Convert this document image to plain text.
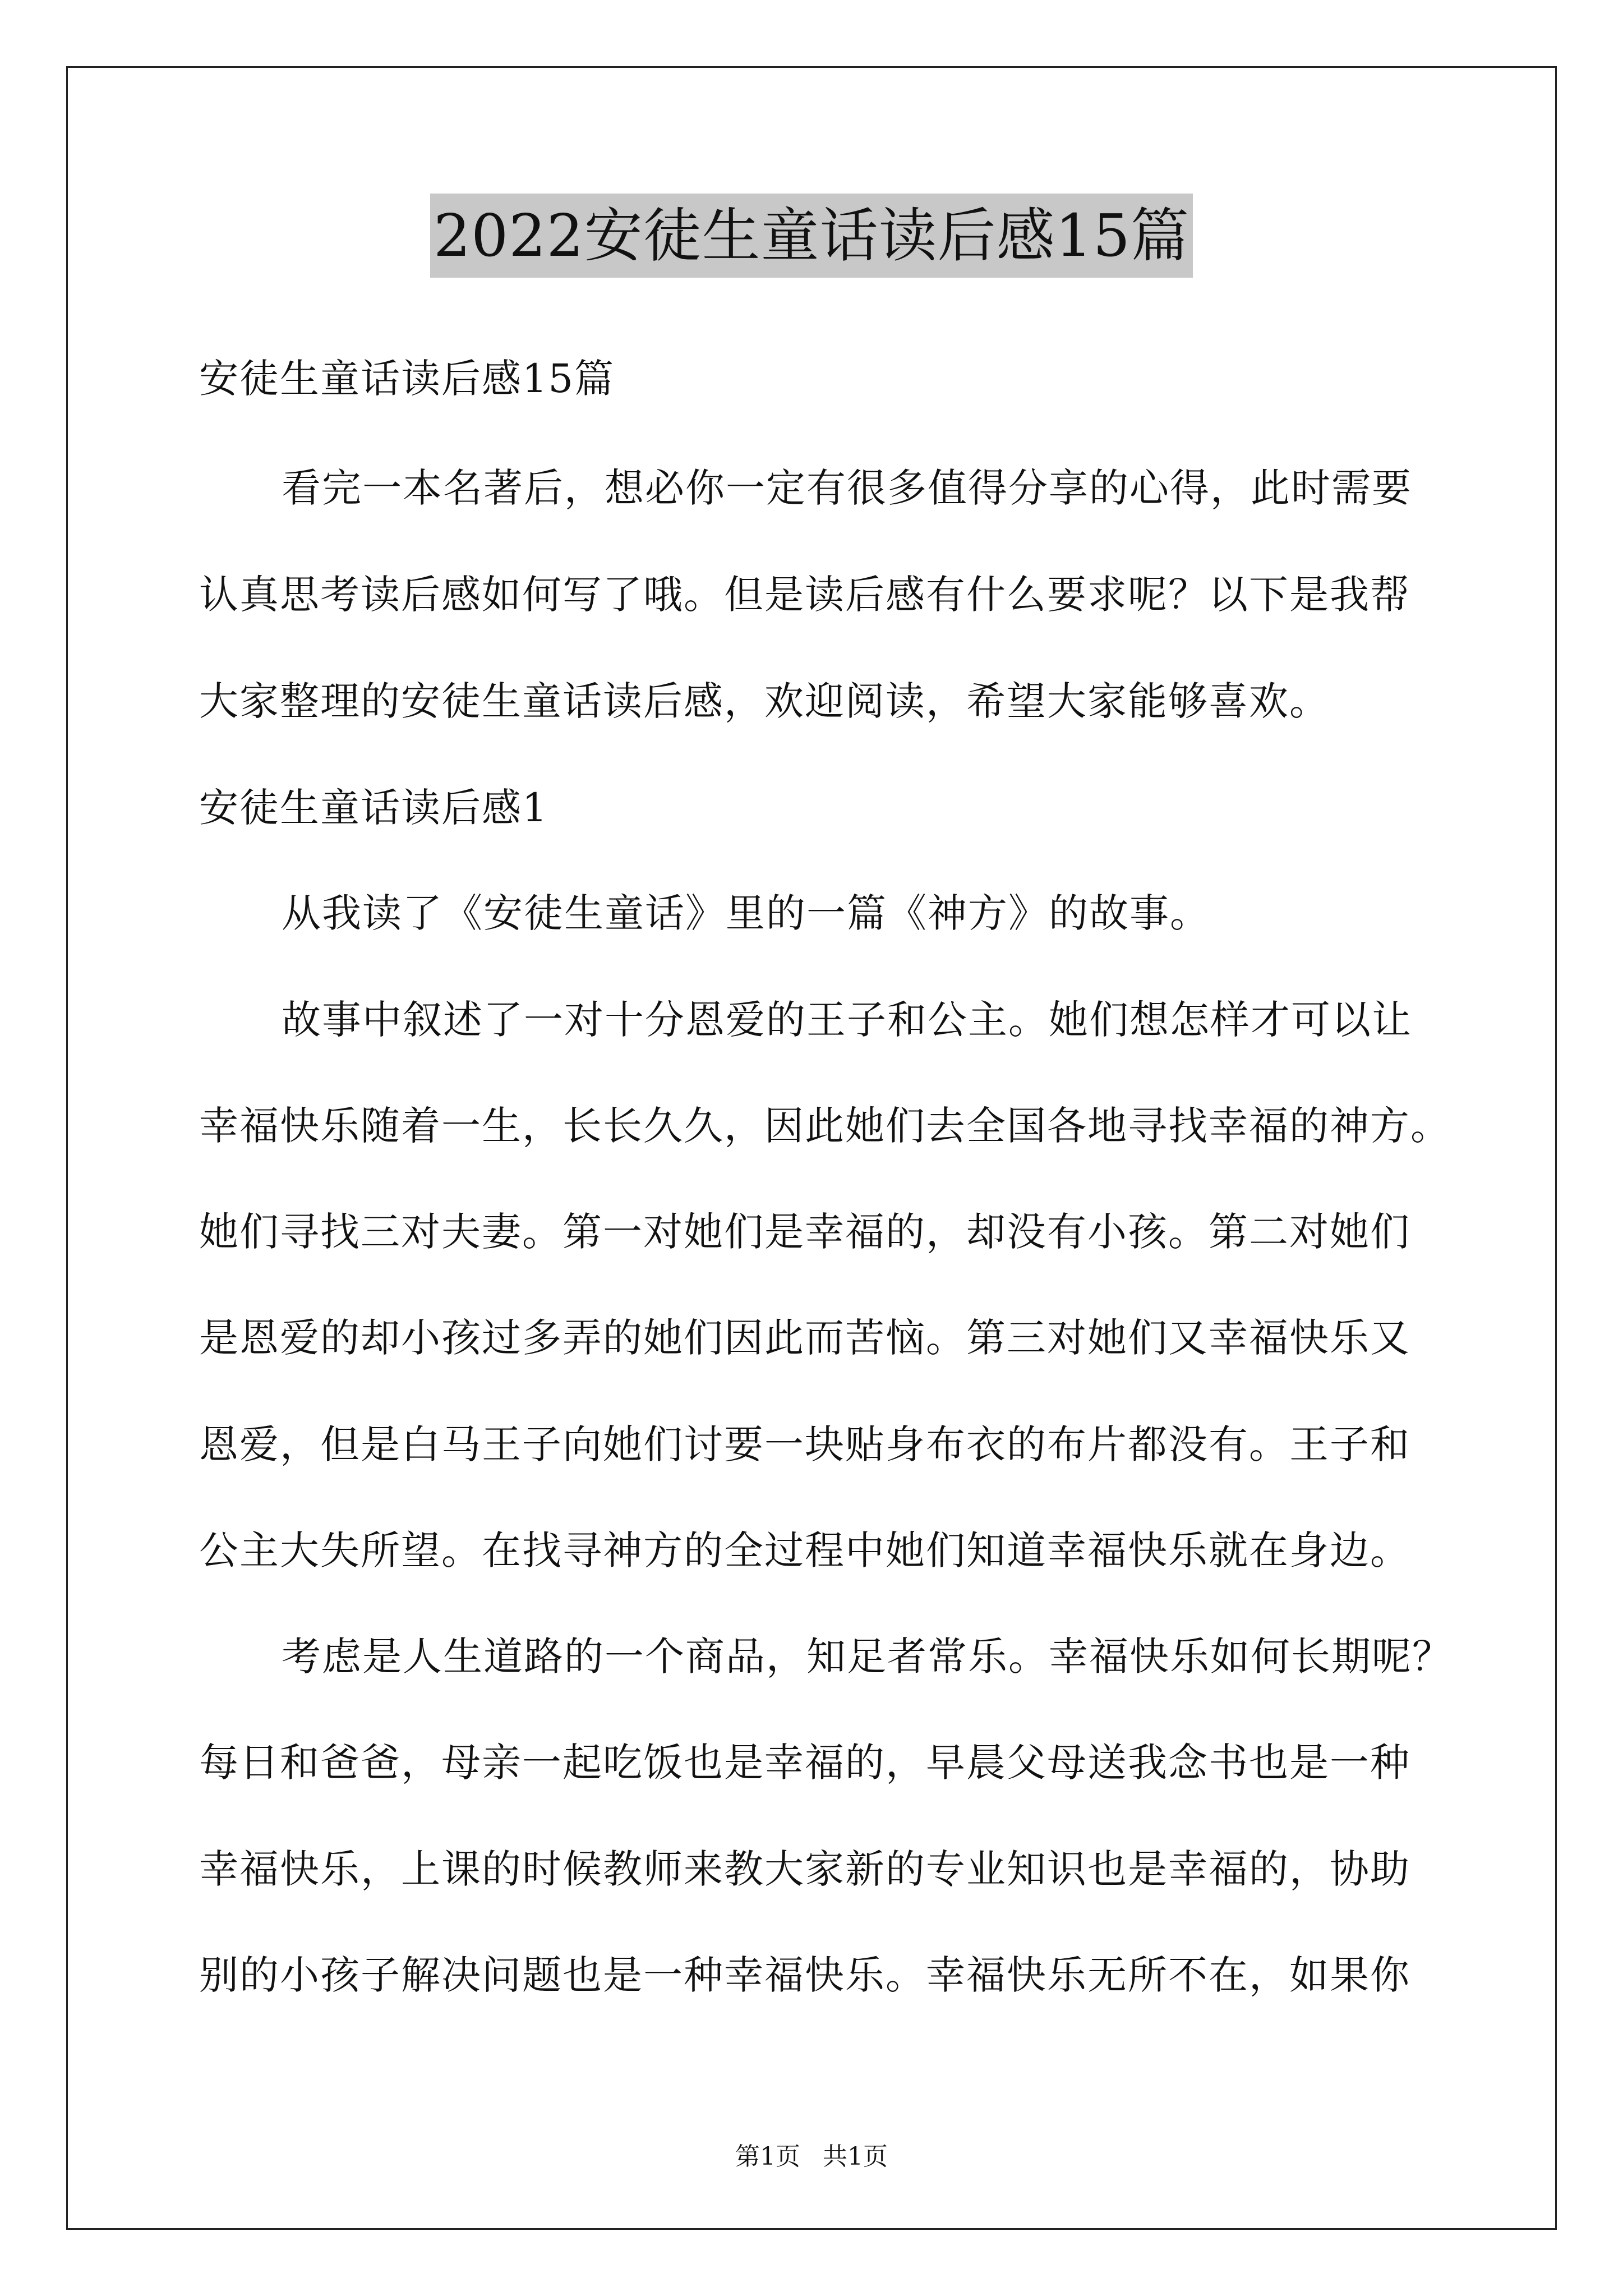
2022安徒生童话读后感15篇
安徒生童话读后感15篇
看完一本名著后，想必你一定有很多值得分享的心得，此时需要
认真思考读后感如何写了哦。但是读后感有什么要求呢？以下是我帮
大家整理的安徒生童话读后感，欢迎阅读，希望大家能够喜欢。
安徒生童话读后感1
从我读了《安徒生童话》里的一篇《神方》的故事。
故事中叙述了一对十分恩爱的王子和公主。她们想怎样才可以让
幸福快乐随着一生，长长久久，因此她们去全国各地寻找幸福的神方。
她们寻找三对夫妻。第一对她们是幸福的，却没有小孩。第二对她们
是恩爱的却小孩过多弄的她们因此而苦恼。第三对她们又幸福快乐又
恩爱，但是白马王子向她们讨要一块贴身布衣的布片都没有。王子和
公主大失所望。在找寻神方的全过程中她们知道幸福快乐就在身边。
考虑是人生道路的一个商品，知足者常乐。幸福快乐如何长期呢？
每日和爸爸，母亲一起吃饭也是幸福的，早晨父母送我念书也是一种
幸福快乐，上课的时候教师来教大家新的专业知识也是幸福的，协助
别的小孩子解决问题也是一种幸福快乐。幸福快乐无所不在，如果你
第1页 共1页
